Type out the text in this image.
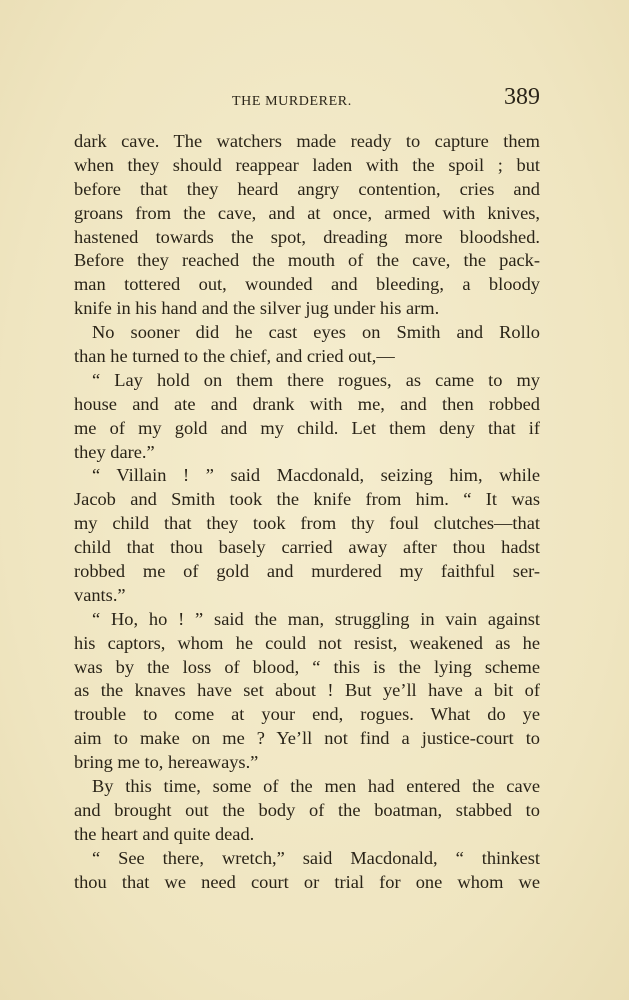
THE MURDERER.	389
dark cave. The watchers made ready to capture them
when they should reappear laden with the spoil ; but
before that they heard angry contention, cries and
groans from the cave, and at once, armed with knives,
hastened towards the spot, dreading more bloodshed.
Before they reached the mouth of the cave, the pack-
man tottered out, wounded and bleeding, a bloody
knife in his hand and the silver jug under his arm.
No sooner did he cast eyes on Smith and Rollo
than he turned to the chief, and cried out,—
“ Lay hold on them there rogues, as came to my
house and ate and drank with me, and then robbed
me of my gold and my child. Let them deny that if
they dare.”
“ Villain ! ” said Macdonald, seizing him, while
Jacob and Smith took the knife from him. “ It was
my child that they took from thy foul clutches—that
child that thou basely carried away after thou hadst
robbed me of gold and murdered my faithful ser-
vants.”
“ Ho, ho ! ” said the man, struggling in vain against
his captors, whom he could not resist, weakened as he
was by the loss of blood, “ this is the lying scheme
as the knaves have set about ! But ye’ll have a bit of
trouble to come at your end, rogues. What do ye
aim to make on me ? Ye’ll not find a justice-court to
bring me to, hereaways.”
By this time, some of the men had entered the cave
and brought out the body of the boatman, stabbed to
the heart and quite dead.
“ See there, wretch,” said Macdonald, “ thinkest
thou that we need court or trial for one whom we
